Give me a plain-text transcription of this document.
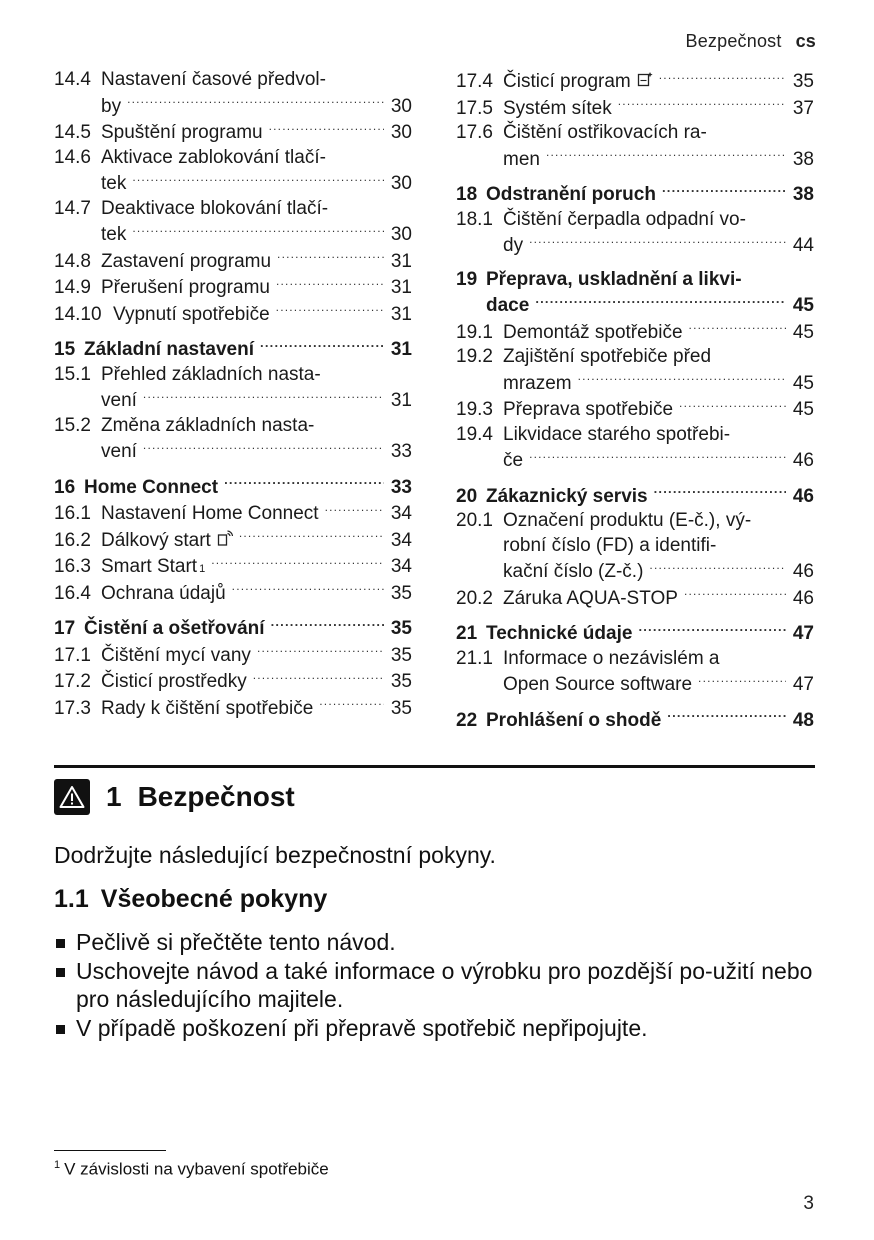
Bezpečnost cs
14.4 Nastavení časové předvol-
by .....	30
14.5 Spuštění programu .....	30
14.6 Aktivace zablokování tlačí-
tek .....	30
14.7 Deaktivace blokování tlačí-
tek .....	30
14.8 Zastavení programu .....	31
14.9 Přerušení programu .....	31
14.10 Vypnutí spotřebiče .....	31
15 Základní nastavení .....	31
15.1 Přehled základních nasta-
vení .....	31
15.2 Změna základních nasta-
vení .....	33
16 Home Connect .....	33
16.1 Nastavení Home Connect .....	34
16.2 Dálkový start .....	34
16.3 Smart Start 1 .....	34
16.4 Ochrana údajů .....	35
17 Čistění a ošetřování .....	35
17.1 Čištění mycí vany .....	35
17.2 Čisticí prostředky .....	35
17.3 Rady k čištění spotřebiče .....	35
17.4 Čisticí program .....	35
17.5 Systém sítek .....	37
17.6 Čištění ostřikovacích ra-
men .....	38
18 Odstranění poruch .....	38
18.1 Čištění čerpadla odpadní vo-
dy .....	44
19 Přeprava, uskladnění a likvi-
dace .....	45
19.1 Demontáž spotřebiče .....	45
19.2 Zajištění spotřebiče před
mrazem .....	45
19.3 Přeprava spotřebiče .....	45
19.4 Likvidace starého spotřebi-
če .....	46
20 Zákaznický servis .....	46
20.1 Označení produktu (E-č.), vý-
robní číslo (FD) a identifi-
kační číslo (Z-č.) .....	46
20.2 Záruka AQUA-STOP .....	46
21 Technické údaje .....	47
21.1 Informace o nezávislém a
Open Source software .....	47
22 Prohlášení o shodě .....	48
1 Bezpečnost
Dodržujte následující bezpečnostní pokyny.
1.1 Všeobecné pokyny
Pečlivě si přečtěte tento návod.
Uschovejte návod a také informace o výrobku pro pozdější po-užití nebo pro následujícího majitele.
V případě poškození při přepravě spotřebič nepřipojujte.
$^1$ V závislosti na vybavení spotřebiče
3
